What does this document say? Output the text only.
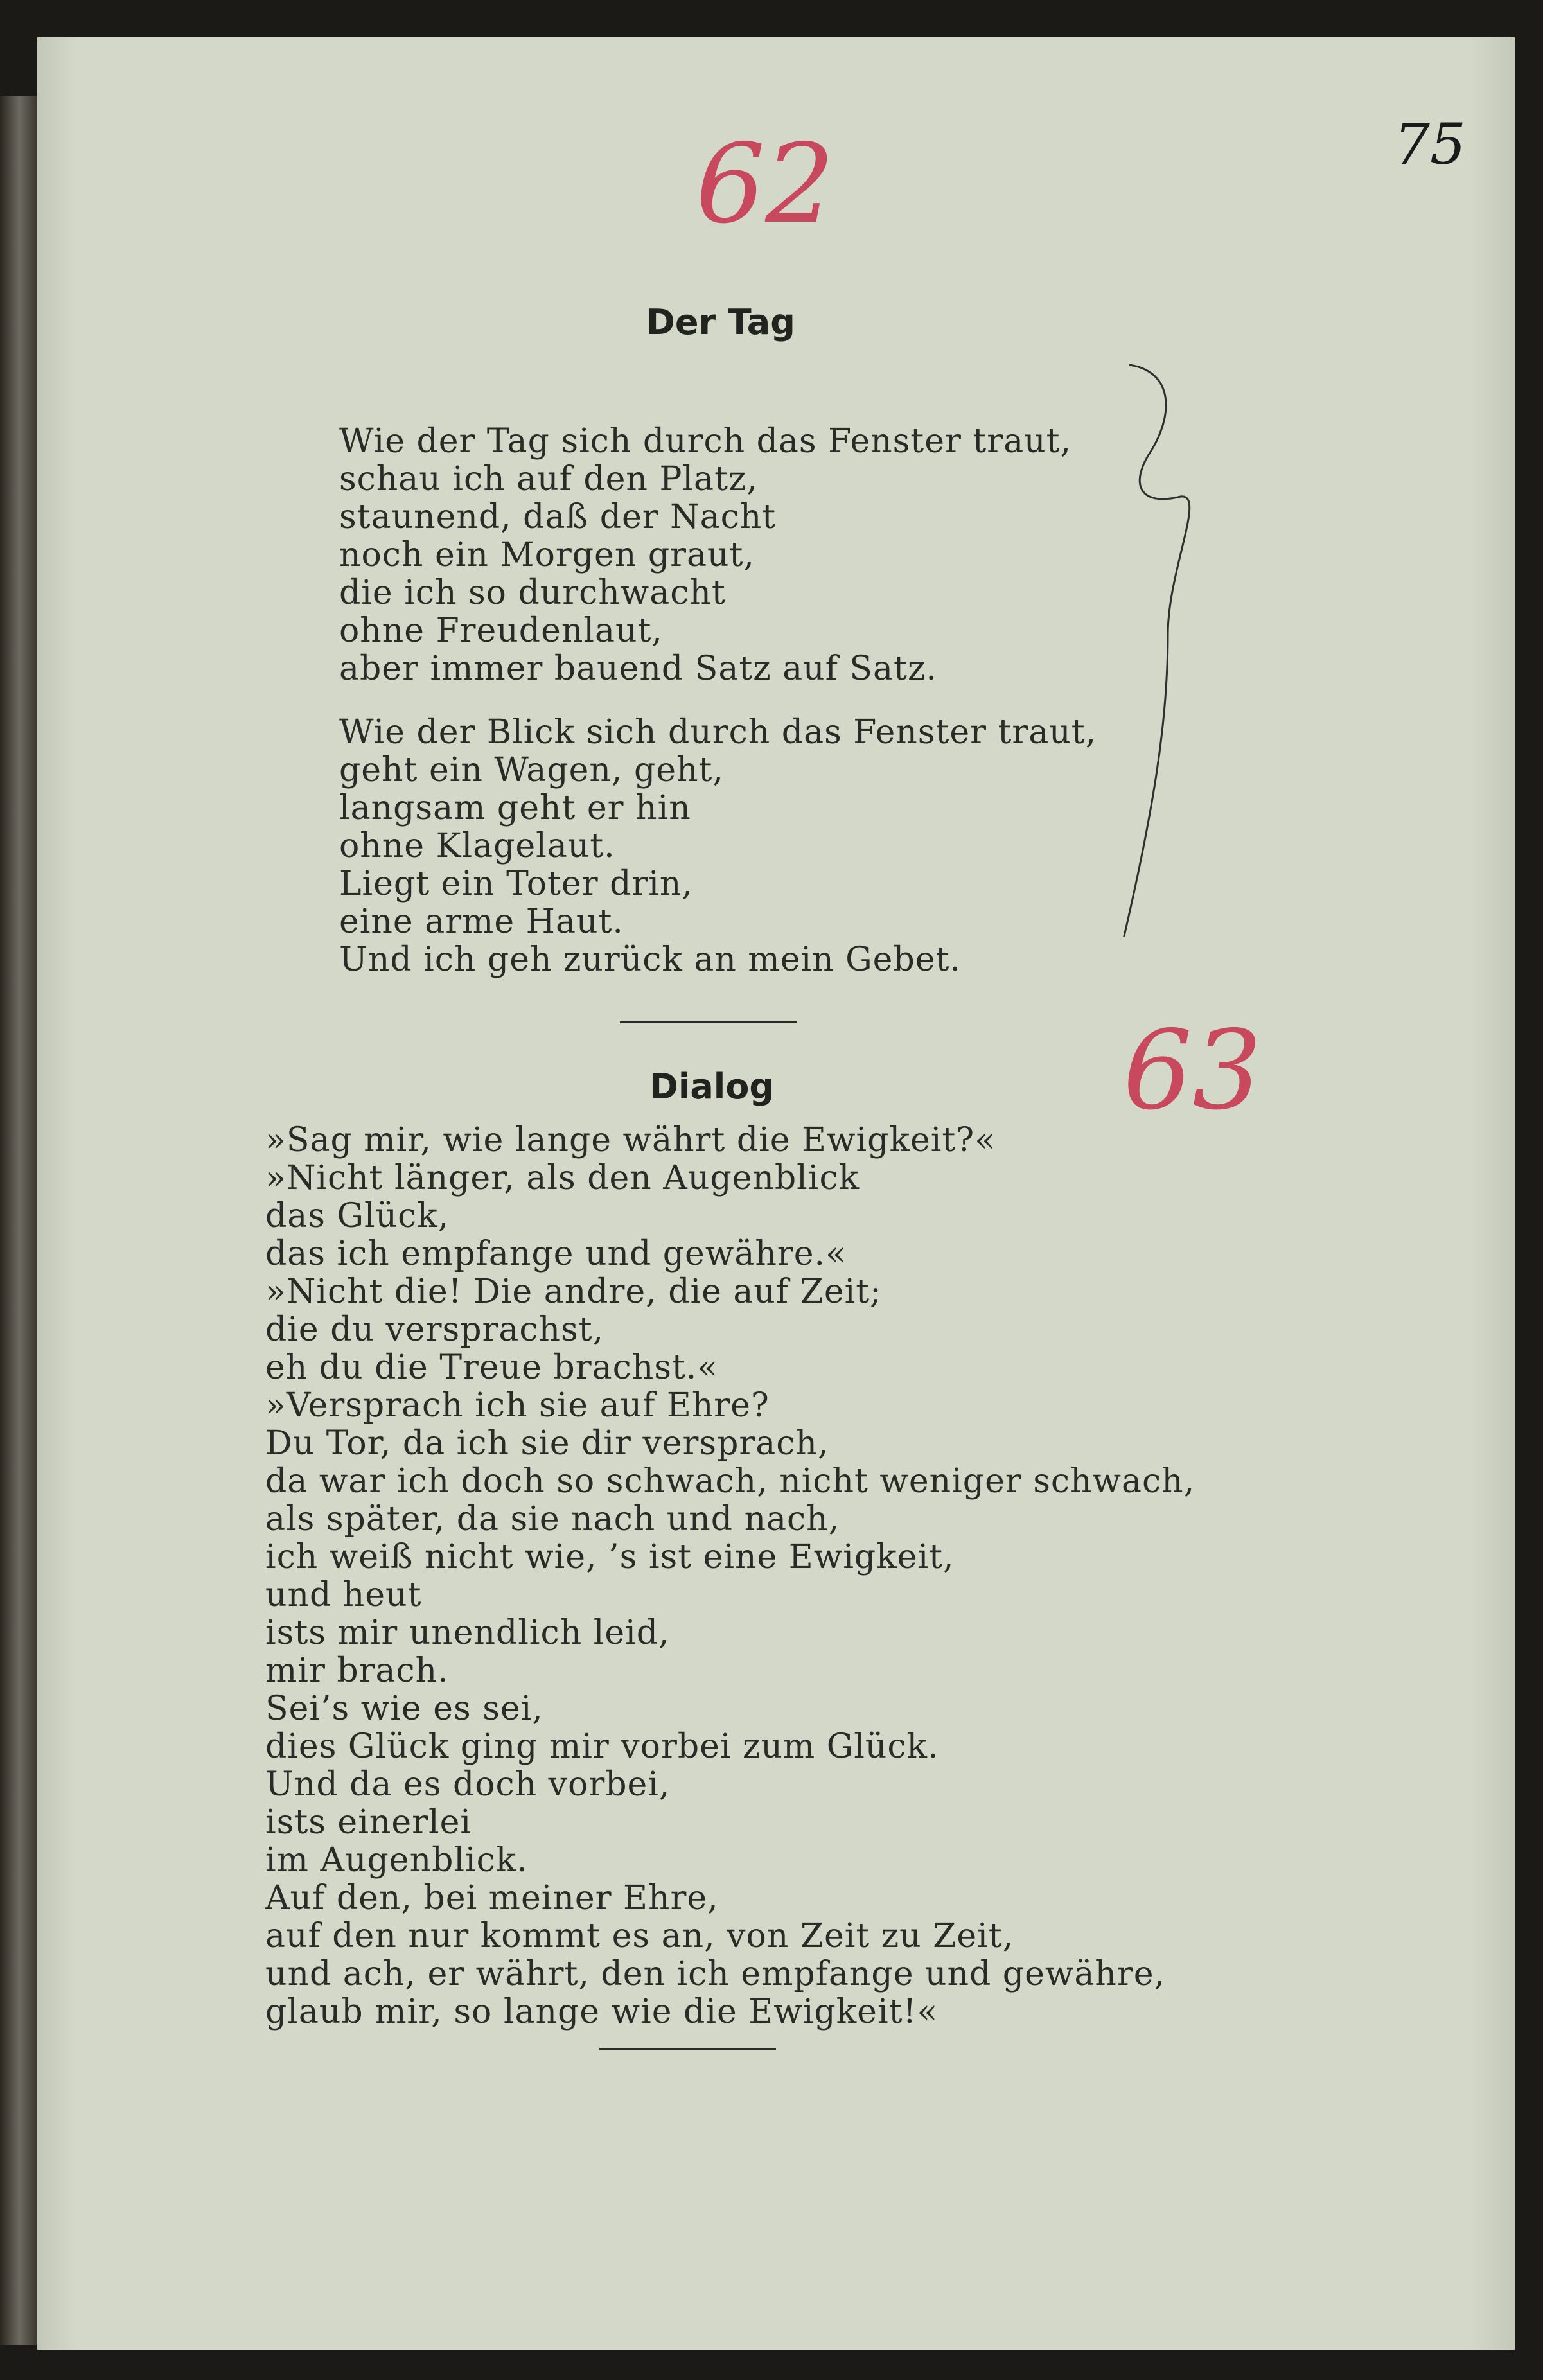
75
62
Der Tag
Wie der Tag sich durch das Fenster traut,
schau ich auf den Platz,
staunend, daß der Nacht
noch ein Morgen graut,
die ich so durchwacht
ohne Freudenlaut,
aber immer bauend Satz auf Satz.
Wie der Blick sich durch das Fenster traut,
geht ein Wagen, geht,
langsam geht er hin
ohne Klagelaut.
Liegt ein Toter drin,
eine arme Haut.
Und ich geh zurück an mein Gebet.
63
Dialog
»Sag mir, wie lange währt die Ewigkeit?«
»Nicht länger, als den Augenblick
das Glück,
das ich empfange und gewähre.«
»Nicht die! Die andre, die auf Zeit;
die du versprachst,
eh du die Treue brachst.«
»Versprach ich sie auf Ehre?
Du Tor, da ich sie dir versprach,
da war ich doch so schwach, nicht weniger schwach,
als später, da sie nach und nach,
ich weiß nicht wie, ’s ist eine Ewigkeit,
und heut
ists mir unendlich leid,
mir brach.
Sei’s wie es sei,
dies Glück ging mir vorbei zum Glück.
Und da es doch vorbei,
ists einerlei
im Augenblick.
Auf den, bei meiner Ehre,
auf den nur kommt es an, von Zeit zu Zeit,
und ach, er währt, den ich empfange und gewähre,
glaub mir, so lange wie die Ewigkeit!«
